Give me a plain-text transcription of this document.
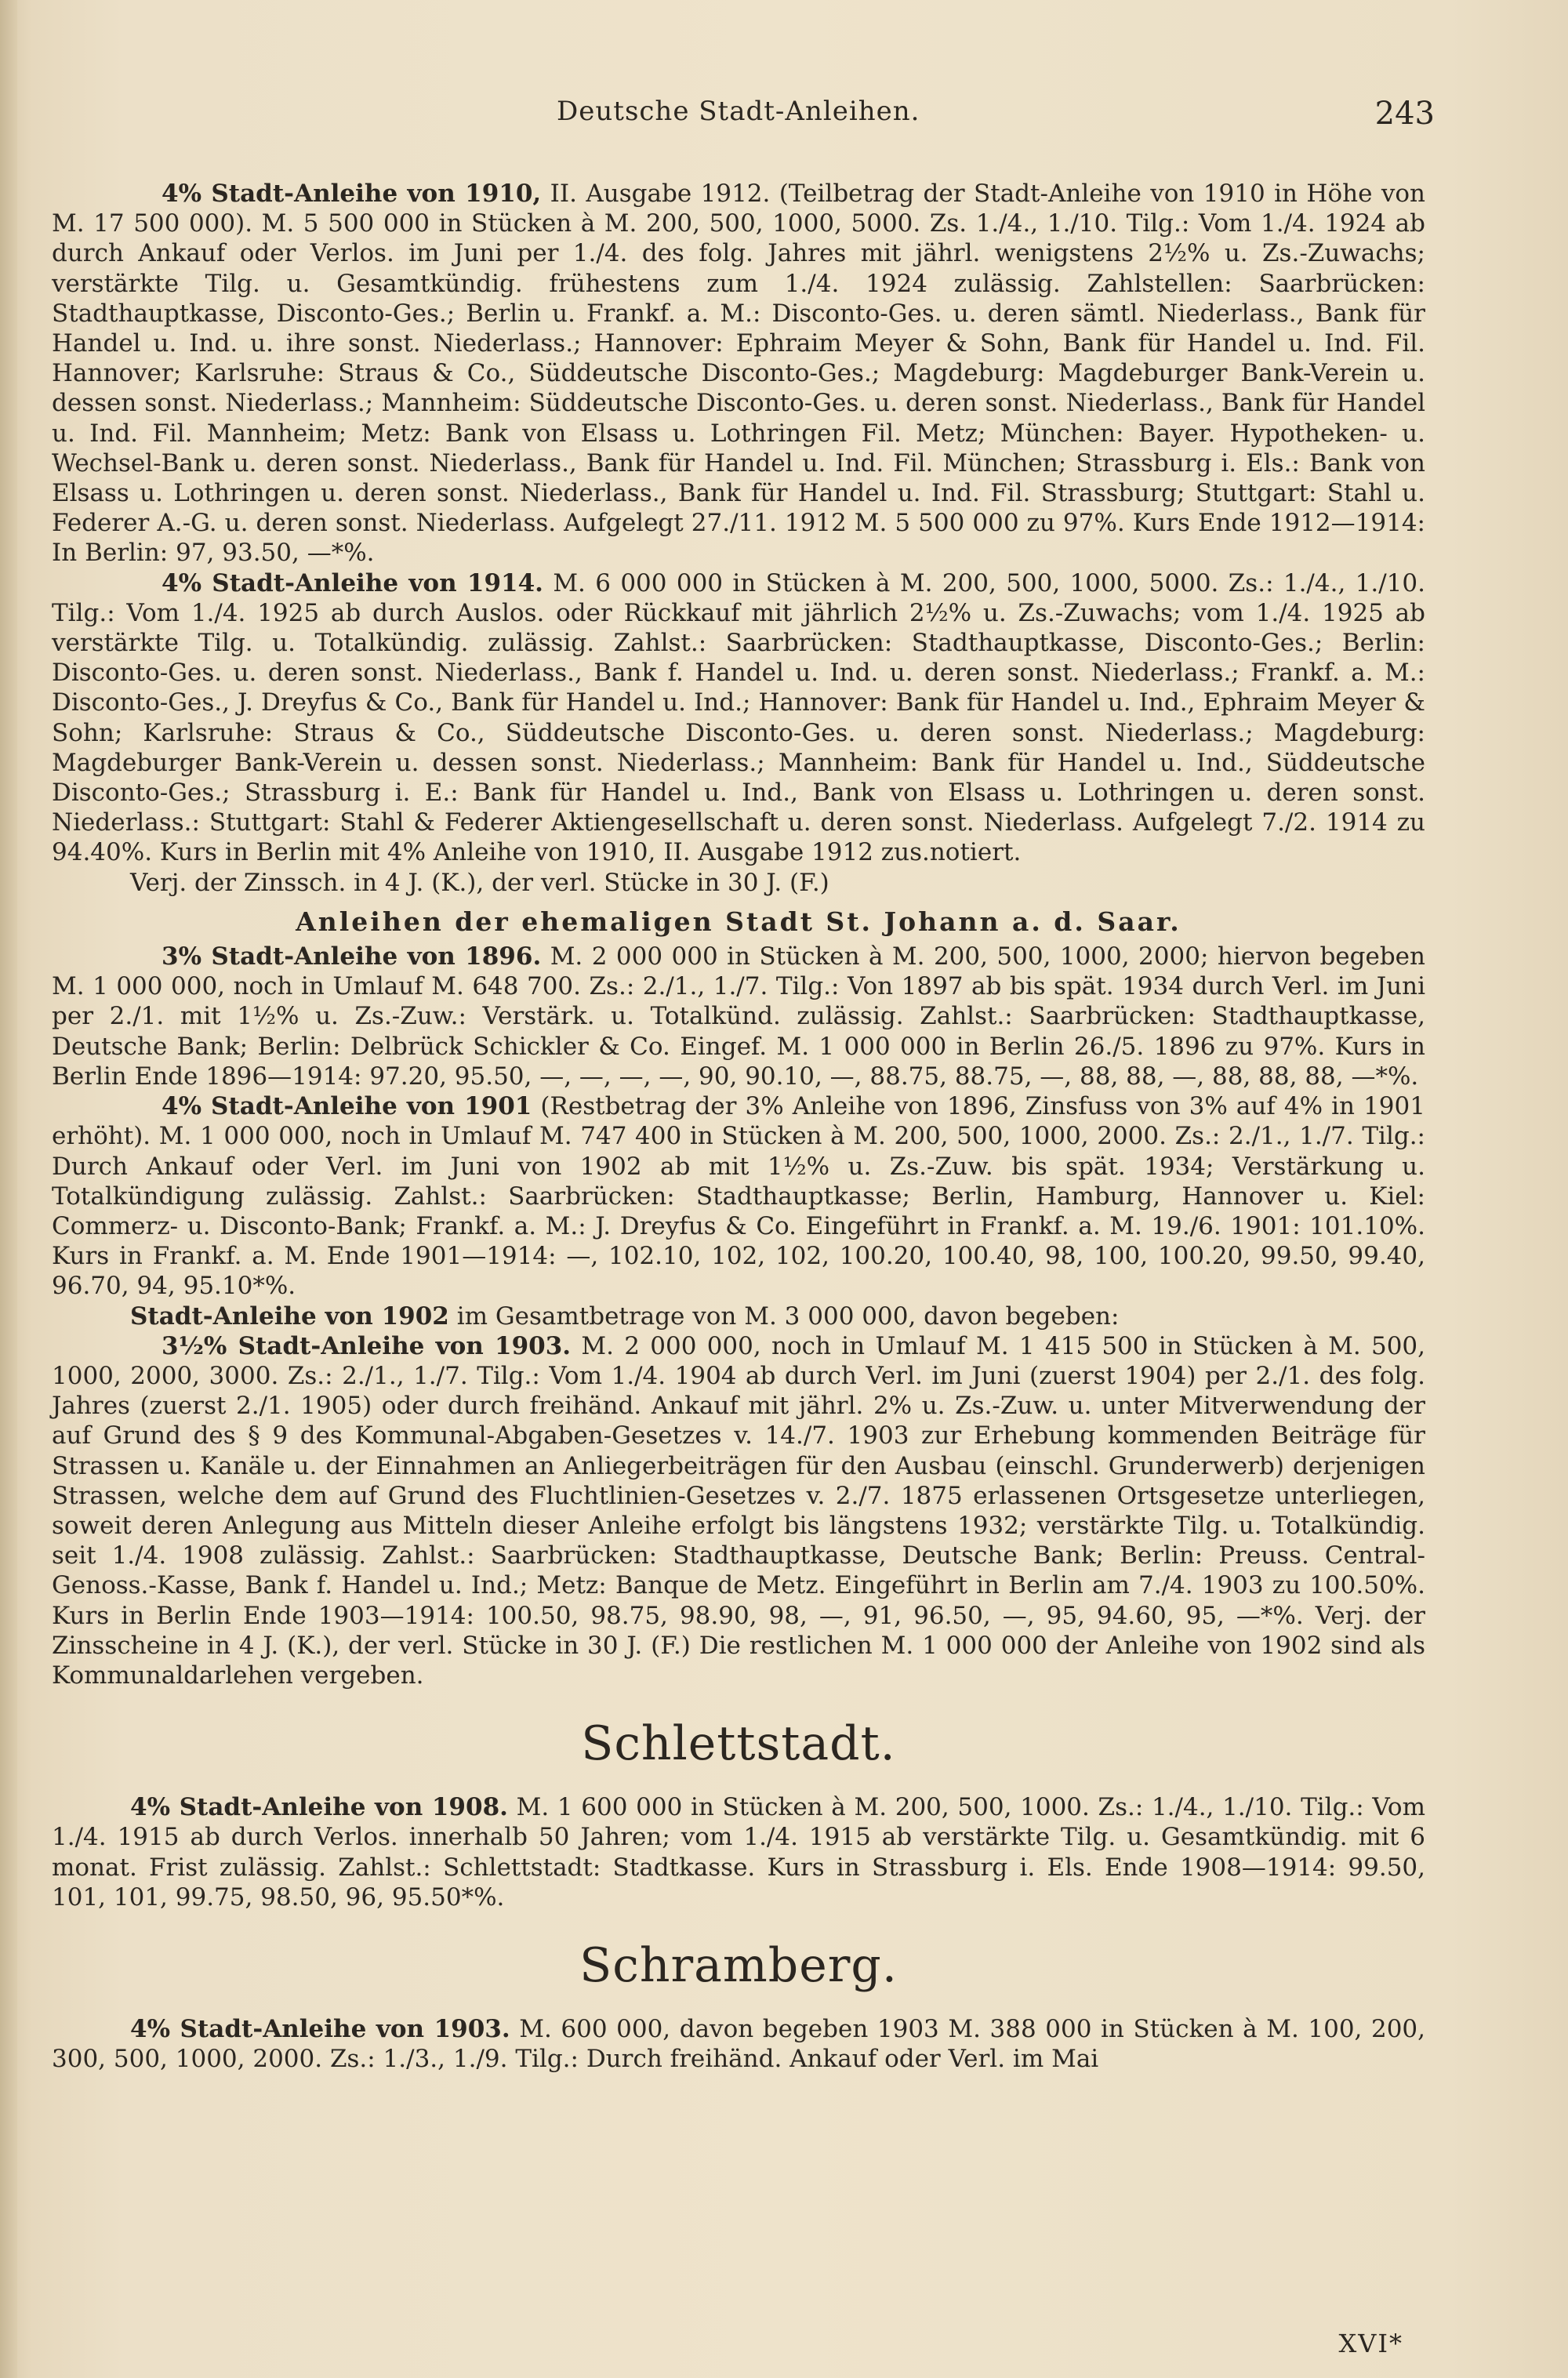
Deutsche Stadt-Anleihen.	243

4% Stadt-Anleihe von 1910, II. Ausgabe 1912. (Teilbetrag der Stadt-Anleihe von 1910 in Höhe von M. 17 500 000). M. 5 500 000 in Stücken à M. 200, 500, 1000, 5000. Zs. 1./4., 1./10. Tilg.: Vom 1./4. 1924 ab durch Ankauf oder Verlos. im Juni per 1./4. des folg. Jahres mit jährl. wenigstens 2½% u. Zs.-Zuwachs; verstärkte Tilg. u. Gesamtkündig. frühestens zum 1./4. 1924 zulässig. Zahlstellen: Saarbrücken: Stadthauptkasse, Disconto-Ges.; Berlin u. Frankf. a. M.: Disconto-Ges. u. deren sämtl. Niederlass., Bank für Handel u. Ind. u. ihre sonst. Niederlass.; Hannover: Ephraim Meyer & Sohn, Bank für Handel u. Ind. Fil. Hannover; Karlsruhe: Straus & Co., Süddeutsche Disconto-Ges.; Magdeburg: Magdeburger Bank-Verein u. dessen sonst. Niederlass.; Mannheim: Süddeutsche Disconto-Ges. u. deren sonst. Niederlass., Bank für Handel u. Ind. Fil. Mannheim; Metz: Bank von Elsass u. Lothringen Fil. Metz; München: Bayer. Hypotheken- u. Wechsel-Bank u. deren sonst. Niederlass., Bank für Handel u. Ind. Fil. München; Strassburg i. Els.: Bank von Elsass u. Lothringen u. deren sonst. Niederlass., Bank für Handel u. Ind. Fil. Strassburg; Stuttgart: Stahl u. Federer A.-G. u. deren sonst. Niederlass. Aufgelegt 27./11. 1912 M. 5 500 000 zu 97%. Kurs Ende 1912—1914: In Berlin: 97, 93.50, —*%.

4% Stadt-Anleihe von 1914. M. 6 000 000 in Stücken à M. 200, 500, 1000, 5000. Zs.: 1./4., 1./10. Tilg.: Vom 1./4. 1925 ab durch Auslos. oder Rückkauf mit jährlich 2½% u. Zs.-Zuwachs; vom 1./4. 1925 ab verstärkte Tilg. u. Totalkündig. zulässig. Zahlst.: Saarbrücken: Stadthauptkasse, Disconto-Ges.; Berlin: Disconto-Ges. u. deren sonst. Niederlass., Bank f. Handel u. Ind. u. deren sonst. Niederlass.; Frankf. a. M.: Disconto-Ges., J. Dreyfus & Co., Bank für Handel u. Ind.; Hannover: Bank für Handel u. Ind., Ephraim Meyer & Sohn; Karlsruhe: Straus & Co., Süddeutsche Disconto-Ges. u. deren sonst. Niederlass.; Magdeburg: Magdeburger Bank-Verein u. dessen sonst. Niederlass.; Mannheim: Bank für Handel u. Ind., Süddeutsche Disconto-Ges.; Strassburg i. E.: Bank für Handel u. Ind., Bank von Elsass u. Lothringen u. deren sonst. Niederlass.: Stuttgart: Stahl & Federer Aktiengesellschaft u. deren sonst. Niederlass. Aufgelegt 7./2. 1914 zu 94.40%. Kurs in Berlin mit 4% Anleihe von 1910, II. Ausgabe 1912 zus.notiert.

Verj. der Zinssch. in 4 J. (K.), der verl. Stücke in 30 J. (F.)

Anleihen der ehemaligen Stadt St. Johann a. d. Saar.

3% Stadt-Anleihe von 1896. M. 2 000 000 in Stücken à M. 200, 500, 1000, 2000; hiervon begeben M. 1 000 000, noch in Umlauf M. 648 700. Zs.: 2./1., 1./7. Tilg.: Von 1897 ab bis spät. 1934 durch Verl. im Juni per 2./1. mit 1½% u. Zs.-Zuw.: Verstärk. u. Totalkünd. zulässig. Zahlst.: Saarbrücken: Stadthauptkasse, Deutsche Bank; Berlin: Delbrück Schickler & Co. Eingef. M. 1 000 000 in Berlin 26./5. 1896 zu 97%. Kurs in Berlin Ende 1896—1914: 97.20, 95.50, —, —, —, —, 90, 90.10, —, 88.75, 88.75, —, 88, 88, —, 88, 88, 88, —*%.

4% Stadt-Anleihe von 1901 (Restbetrag der 3% Anleihe von 1896, Zinsfuss von 3% auf 4% in 1901 erhöht). M. 1 000 000, noch in Umlauf M. 747 400 in Stücken à M. 200, 500, 1000, 2000. Zs.: 2./1., 1./7. Tilg.: Durch Ankauf oder Verl. im Juni von 1902 ab mit 1½% u. Zs.-Zuw. bis spät. 1934; Verstärkung u. Totalkündigung zulässig. Zahlst.: Saarbrücken: Stadthauptkasse; Berlin, Hamburg, Hannover u. Kiel: Commerz- u. Disconto-Bank; Frankf. a. M.: J. Dreyfus & Co. Eingeführt in Frankf. a. M. 19./6. 1901: 101.10%. Kurs in Frankf. a. M. Ende 1901—1914: —, 102.10, 102, 102, 100.20, 100.40, 98, 100, 100.20, 99.50, 99.40, 96.70, 94, 95.10*%.

Stadt-Anleihe von 1902 im Gesamtbetrage von M. 3 000 000, davon begeben:

3½% Stadt-Anleihe von 1903. M. 2 000 000, noch in Umlauf M. 1 415 500 in Stücken à M. 500, 1000, 2000, 3000. Zs.: 2./1., 1./7. Tilg.: Vom 1./4. 1904 ab durch Verl. im Juni (zuerst 1904) per 2./1. des folg. Jahres (zuerst 2./1. 1905) oder durch freihänd. Ankauf mit jährl. 2% u. Zs.-Zuw. u. unter Mitverwendung der auf Grund des § 9 des Kommunal-Abgaben-Gesetzes v. 14./7. 1903 zur Erhebung kommenden Beiträge für Strassen u. Kanäle u. der Einnahmen an Anliegerbeiträgen für den Ausbau (einschl. Grunderwerb) derjenigen Strassen, welche dem auf Grund des Fluchtlinien-Gesetzes v. 2./7. 1875 erlassenen Ortsgesetze unterliegen, soweit deren Anlegung aus Mitteln dieser Anleihe erfolgt bis längstens 1932; verstärkte Tilg. u. Totalkündig. seit 1./4. 1908 zulässig. Zahlst.: Saarbrücken: Stadthauptkasse, Deutsche Bank; Berlin: Preuss. Central-Genoss.-Kasse, Bank f. Handel u. Ind.; Metz: Banque de Metz. Eingeführt in Berlin am 7./4. 1903 zu 100.50%. Kurs in Berlin Ende 1903—1914: 100.50, 98.75, 98.90, 98, —, 91, 96.50, —, 95, 94.60, 95, —*%. Verj. der Zinsscheine in 4 J. (K.), der verl. Stücke in 30 J. (F.) Die restlichen M. 1 000 000 der Anleihe von 1902 sind als Kommunaldarlehen vergeben.

Schlettstadt.

4% Stadt-Anleihe von 1908. M. 1 600 000 in Stücken à M. 200, 500, 1000. Zs.: 1./4., 1./10. Tilg.: Vom 1./4. 1915 ab durch Verlos. innerhalb 50 Jahren; vom 1./4. 1915 ab verstärkte Tilg. u. Gesamtkündig. mit 6 monat. Frist zulässig. Zahlst.: Schlettstadt: Stadtkasse. Kurs in Strassburg i. Els. Ende 1908—1914: 99.50, 101, 101, 99.75, 98.50, 96, 95.50*%.

Schramberg.

4% Stadt-Anleihe von 1903. M. 600 000, davon begeben 1903 M. 388 000 in Stücken à M. 100, 200, 300, 500, 1000, 2000. Zs.: 1./3., 1./9. Tilg.: Durch freihänd. Ankauf oder Verl. im Mai

XVI*
